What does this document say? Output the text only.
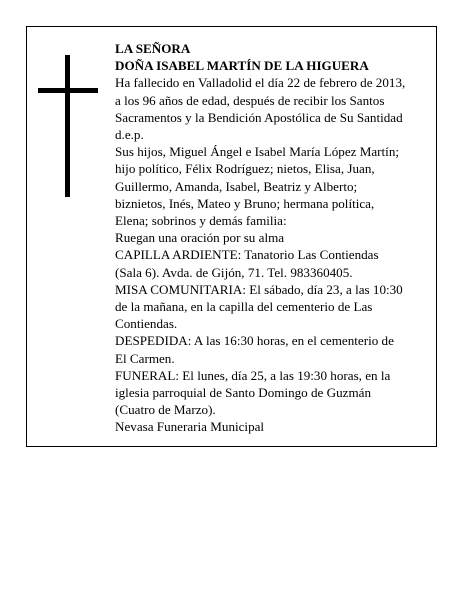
LA SEÑORA
DOÑA ISABEL MARTÍN DE LA HIGUERA
Ha fallecido en Valladolid el día 22 de febrero de 2013,
a los 96 años de edad, después de recibir los Santos
Sacramentos y la Bendición Apostólica de Su Santidad
d.e.p.
Sus hijos, Miguel Ángel e Isabel María López Martín;
hijo político, Félix Rodríguez; nietos, Elisa, Juan,
Guillermo, Amanda, Isabel, Beatriz y Alberto;
biznietos, Inés, Mateo y Bruno; hermana política,
Elena; sobrinos y demás familia:
Ruegan una oración por su alma
CAPILLA ARDIENTE: Tanatorio Las Contiendas
(Sala 6). Avda. de Gijón, 71. Tel. 983360405.
MISA COMUNITARIA: El sábado, día 23, a las 10:30
de la mañana, en la capilla del cementerio de Las
Contiendas.
DESPEDIDA: A las 16:30 horas, en el cementerio de
El Carmen.
FUNERAL: El lunes, día 25, a las 19:30 horas, en la
iglesia parroquial de Santo Domingo de Guzmán
(Cuatro de Marzo).
Nevasa Funeraria Municipal
